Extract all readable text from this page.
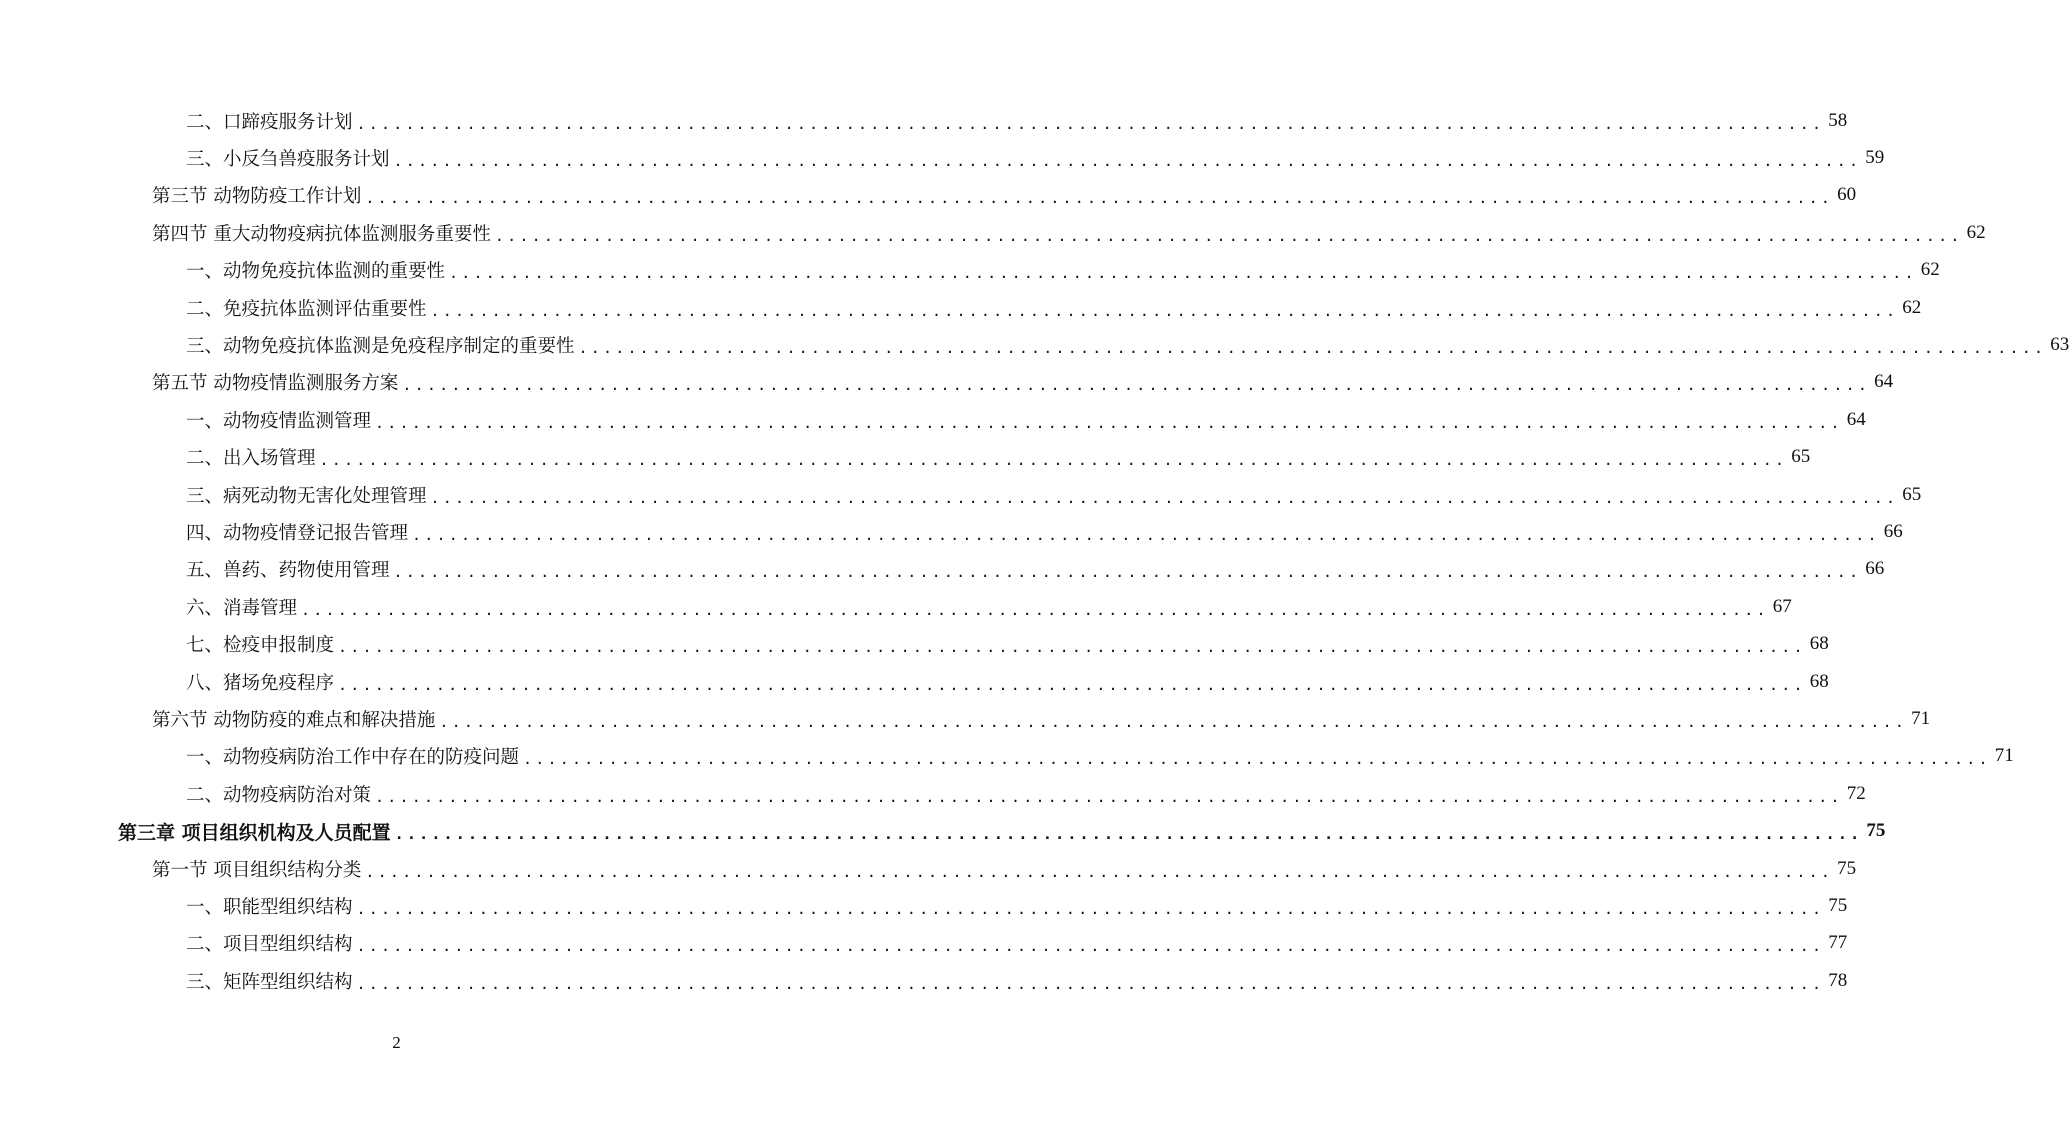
二、口蹄疫服务计划 ........................................................................................................................ 58
三、小反刍兽疫服务计划 ........................................................................................................................ 59
第三节 动物防疫工作计划 ........................................................................................................................ 60
第四节 重大动物疫病抗体监测服务重要性 ........................................................................................................................ 62
一、动物免疫抗体监测的重要性 ........................................................................................................................ 62
二、免疫抗体监测评估重要性 ........................................................................................................................ 62
三、动物免疫抗体监测是免疫程序制定的重要性 ........................................................................................................................ 63
第五节 动物疫情监测服务方案 ........................................................................................................................ 64
一、动物疫情监测管理 ........................................................................................................................ 64
二、出入场管理 ........................................................................................................................ 65
三、病死动物无害化处理管理 ........................................................................................................................ 65
四、动物疫情登记报告管理 ........................................................................................................................ 66
五、兽药、药物使用管理 ........................................................................................................................ 66
六、消毒管理 ........................................................................................................................ 67
七、检疫申报制度 ........................................................................................................................ 68
八、猪场免疫程序 ........................................................................................................................ 68
第六节 动物防疫的难点和解决措施 ........................................................................................................................ 71
一、动物疫病防治工作中存在的防疫问题 ........................................................................................................................ 71
二、动物疫病防治对策 ........................................................................................................................ 72
第三章 项目组织机构及人员配置 ........................................................................................................................ 75
第一节 项目组织结构分类 ........................................................................................................................ 75
一、职能型组织结构 ........................................................................................................................ 75
二、项目型组织结构 ........................................................................................................................ 77
三、矩阵型组织结构 ........................................................................................................................ 78
2
